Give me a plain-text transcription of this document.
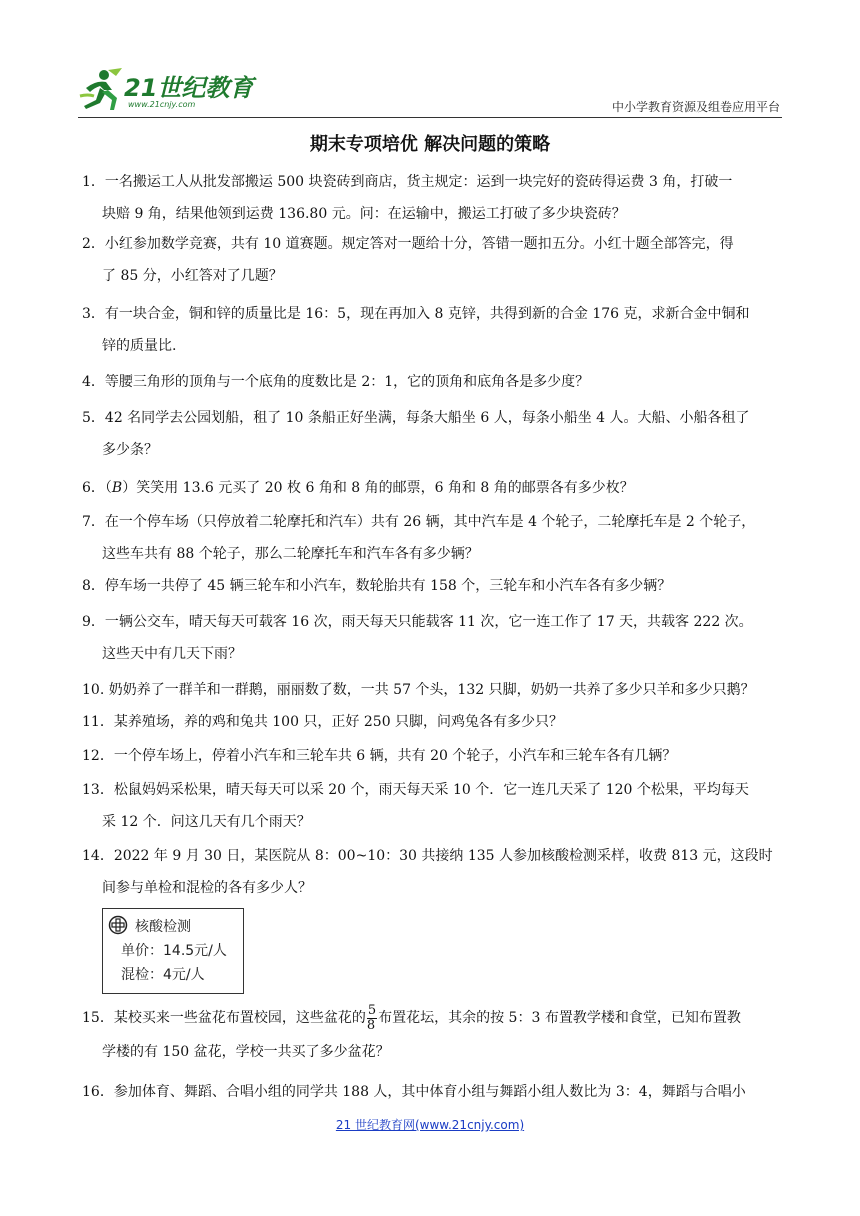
21世纪教育
www.21cnjy.com	中小学教育资源及组卷应用平台
期末专项培优 解决问题的策略
1．一名搬运工人从批发部搬运 500 块瓷砖到商店，货主规定：运到一块完好的瓷砖得运费 3 角，打破一
块赔 9 角，结果他领到运费 136.80 元。问：在运输中，搬运工打破了多少块瓷砖？
2．小红参加数学竞赛，共有 10 道赛题。规定答对一题给十分，答错一题扣五分。小红十题全部答完，得
了 85 分，小红答对了几题？
3．有一块合金，铜和锌的质量比是 16：5，现在再加入 8 克锌，共得到新的合金 176 克，求新合金中铜和
锌的质量比.
4．等腰三角形的顶角与一个底角的度数比是 2：1，它的顶角和底角各是多少度？
5．42 名同学去公园划船，租了 10 条船正好坐满，每条大船坐 6 人，每条小船坐 4 人。大船、小船各租了
多少条？
6．（B）笑笑用 13.6 元买了 20 枚 6 角和 8 角的邮票，6 角和 8 角的邮票各有多少枚？
7．在一个停车场（只停放着二轮摩托和汽车）共有 26 辆，其中汽车是 4 个轮子，二轮摩托车是 2 个轮子，
这些车共有 88 个轮子，那么二轮摩托车和汽车各有多少辆？
8．停车场一共停了 45 辆三轮车和小汽车，数轮胎共有 158 个，三轮车和小汽车各有多少辆？
9．一辆公交车，晴天每天可载客 16 次，雨天每天只能载客 11 次，它一连工作了 17 天，共载客 222 次。
这些天中有几天下雨？
10. 奶奶养了一群羊和一群鹅，丽丽数了数，一共 57 个头，132 只脚，奶奶一共养了多少只羊和多少只鹅？
11．某养殖场，养的鸡和兔共 100 只，正好 250 只脚，问鸡兔各有多少只？
12．一个停车场上，停着小汽车和三轮车共 6 辆，共有 20 个轮子，小汽车和三轮车各有几辆？
13．松鼠妈妈采松果，晴天每天可以采 20 个，雨天每天采 10 个．它一连几天采了 120 个松果，平均每天
采 12 个．问这几天有几个雨天？
14．2022 年 9 月 30 日，某医院从 8：00~10：30 共接纳 135 人参加核酸检测采样，收费 813 元，这段时
间参与单检和混检的各有多少人？
核酸检测
单价：14.5元/人
混检：4元/人
15．某校买来一些盆花布置校园，这些盆花的 $\frac{5}{8}$ 布置花坛，其余的按 5：3 布置教学楼和食堂，已知布置教
学楼的有 150 盆花，学校一共买了多少盆花？
16．参加体育、舞蹈、合唱小组的同学共 188 人，其中体育小组与舞蹈小组人数比为 3：4，舞蹈与合唱小
21 世纪教育网(www.21cnjy.com)
